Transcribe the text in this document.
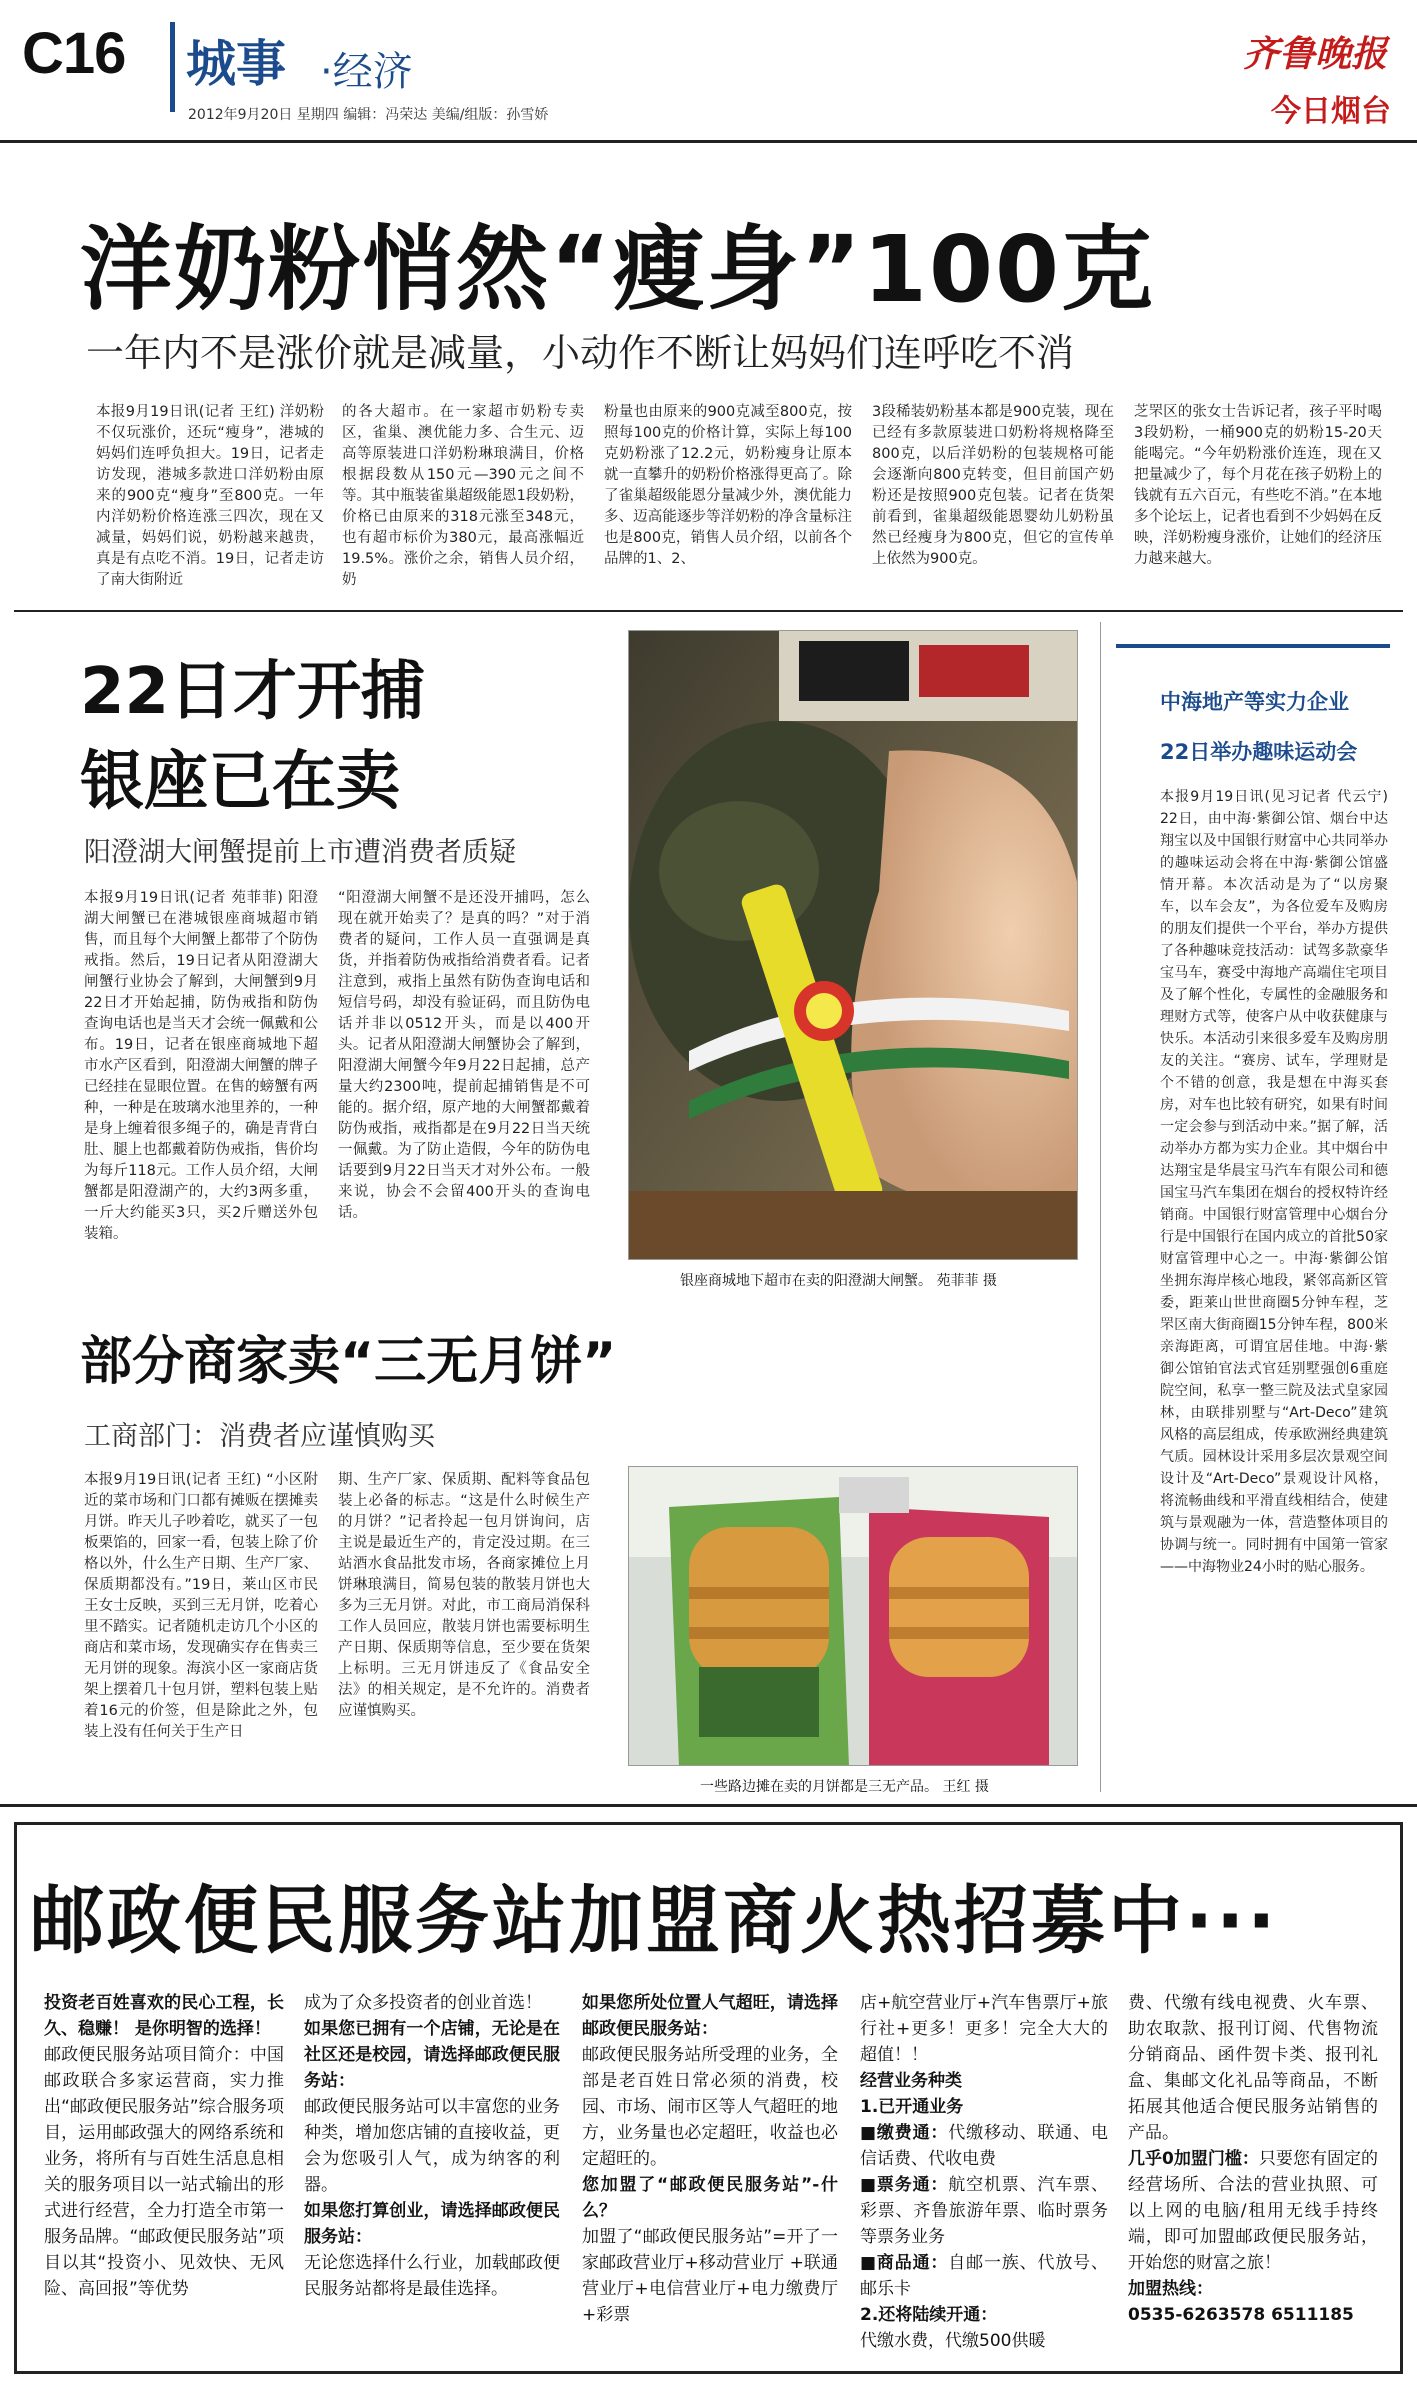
C16 城事 ·经济
2012年9月20日 星期四 编辑：冯荣达 美编/组版：孙雪娇
齐鲁晚报
今日烟台
洋奶粉悄然“瘦身”100克
一年内不是涨价就是减量，小动作不断让妈妈们连呼吃不消
本报9月19日讯(记者 王红) 洋奶粉不仅玩涨价，还玩“瘦身”，港城的妈妈们连呼负担大。19日，记者走访发现，港城多款进口洋奶粉由原来的900克“瘦身”至800克。一年内洋奶粉价格连涨三四次，现在又减量，妈妈们说，奶粉越来越贵，真是有点吃不消。19日，记者走访了南大街附近
的各大超市。在一家超市奶粉专卖区，雀巢、澳优能力多、合生元、迈高等原装进口洋奶粉琳琅满目，价格根据段数从150元—390元之间不等。其中瓶装雀巢超级能恩1段奶粉，价格已由原来的318元涨至348元，也有超市标价为380元，最高涨幅近19.5%。涨价之余，销售人员介绍，奶
粉量也由原来的900克减至800克，按照每100克的价格计算，实际上每100克奶粉涨了12.2元，奶粉瘦身让原本就一直攀升的奶粉价格涨得更高了。除了雀巢超级能恩分量减少外，澳优能力多、迈高能逐步等洋奶粉的净含量标注也是800克，销售人员介绍，以前各个品牌的1、2、
3段稀装奶粉基本都是900克装，现在已经有多款原装进口奶粉将规格降至800克，以后洋奶粉的包装规格可能会逐渐向800克转变，但目前国产奶粉还是按照900克包装。记者在货架前看到，雀巢超级能恩婴幼儿奶粉虽然已经瘦身为800克，但它的宣传单上依然为900克。
芝罘区的张女士告诉记者，孩子平时喝3段奶粉，一桶900克的奶粉15-20天能喝完。“今年奶粉涨价连连，现在又把量减少了，每个月花在孩子奶粉上的钱就有五六百元，有些吃不消。”在本地多个论坛上，记者也看到不少妈妈在反映，洋奶粉瘦身涨价，让她们的经济压力越来越大。
22日才开捕
银座已在卖
阳澄湖大闸蟹提前上市遭消费者质疑
本报9月19日讯(记者 苑菲菲) 阳澄湖大闸蟹已在港城银座商城超市销售，而且每个大闸蟹上都带了个防伪戒指。然后，19日记者从阳澄湖大闸蟹行业协会了解到，大闸蟹到9月22日才开始起捕，防伪戒指和防伪查询电话也是当天才会统一佩戴和公布。19日，记者在银座商城地下超市水产区看到，阳澄湖大闸蟹的牌子已经挂在显眼位置。在售的螃蟹有两种，一种是在玻璃水池里养的，一种是身上缠着很多绳子的，确是青背白肚、腿上也都戴着防伪戒指，售价均为每斤118元。工作人员介绍，大闸蟹都是阳澄湖产的，大约3两多重，一斤大约能买3只，买2斤赠送外包装箱。
“阳澄湖大闸蟹不是还没开捕吗，怎么现在就开始卖了？是真的吗？”对于消费者的疑问，工作人员一直强调是真货，并指着防伪戒指给消费者看。记者注意到，戒指上虽然有防伪查询电话和短信号码，却没有验证码，而且防伪电话并非以0512开头，而是以400开头。记者从阳澄湖大闸蟹协会了解到，阳澄湖大闸蟹今年9月22日起捕，总产量大约2300吨，提前起捕销售是不可能的。据介绍，原产地的大闸蟹都戴着防伪戒指，戒指都是在9月22日当天统一佩戴。为了防止造假，今年的防伪电话要到9月22日当天才对外公布。一般来说，协会不会留400开头的查询电话。
银座商城地下超市在卖的阳澄湖大闸蟹。 苑菲菲 摄
部分商家卖“三无月饼”
工商部门：消费者应谨慎购买
本报9月19日讯(记者 王红) “小区附近的菜市场和门口都有摊贩在摆摊卖月饼。昨天儿子吵着吃，就买了一包板栗馅的，回家一看，包装上除了价格以外，什么生产日期、生产厂家、保质期都没有。”19日，莱山区市民王女士反映，买到三无月饼，吃着心里不踏实。记者随机走访几个小区的商店和菜市场，发现确实存在售卖三无月饼的现象。海滨小区一家商店货架上摆着几十包月饼，塑料包装上贴着16元的价签，但是除此之外，包装上没有任何关于生产日
期、生产厂家、保质期、配料等食品包装上必备的标志。“这是什么时候生产的月饼？”记者拎起一包月饼询问，店主说是最近生产的，肯定没过期。在三站酒水食品批发市场，各商家摊位上月饼琳琅满目，简易包装的散装月饼也大多为三无月饼。对此，市工商局消保科工作人员回应，散装月饼也需要标明生产日期、保质期等信息，至少要在货架上标明。三无月饼违反了《食品安全法》的相关规定，是不允许的。消费者应谨慎购买。
一些路边摊在卖的月饼都是三无产品。 王红 摄
中海地产等实力企业
22日举办趣味运动会
本报9月19日讯(见习记者 代云宁) 22日，由中海·紫御公馆、烟台中达翔宝以及中国银行财富中心共同举办的趣味运动会将在中海·紫御公馆盛情开幕。本次活动是为了“以房聚车，以车会友”，为各位爱车及购房的朋友们提供一个平台，举办方提供了各种趣味竞技活动：试驾多款豪华宝马车，赛受中海地产高端住宅项目及了解个性化，专属性的金融服务和理财方式等，使客户从中收获健康与快乐。本活动引来很多爱车及购房朋友的关注。“赛房、试车，学理财是个不错的创意，我是想在中海买套房，对车也比较有研究，如果有时间一定会参与到活动中来。”据了解，活动举办方都为实力企业。其中烟台中达翔宝是华晨宝马汽车有限公司和德国宝马汽车集团在烟台的授权特许经销商。中国银行财富管理中心烟台分行是中国银行在国内成立的首批50家财富管理中心之一。中海·紫御公馆坐拥东海岸核心地段，紧邻高新区管委，距莱山世世商圈5分钟车程，芝罘区南大街商圈15分钟车程，800米亲海距离，可谓宜居佳地。中海·紫御公馆铂官法式官廷别墅强创6重庭院空间，私享一整三院及法式皇家园林，由联排别墅与“Art-Deco”建筑风格的高层组成，传承欧洲经典建筑气质。园林设计采用多层次景观空间设计及“Art-Deco”景观设计风格，将流畅曲线和平滑直线相结合，使建筑与景观融为一体，营造整体项目的协调与统一。同时拥有中国第一管家——中海物业24小时的贴心服务。
邮政便民服务站加盟商火热招募中···
投资老百姓喜欢的民心工程，长久、稳赚！ 是你明智的选择！
邮政便民服务站项目简介：中国邮政联合多家运营商，实力推出“邮政便民服务站”综合服务项目，运用邮政强大的网络系统和业务，将所有与百姓生活息息相关的服务项目以一站式输出的形式进行经营，全力打造全市第一服务品牌。“邮政便民服务站”项目以其“投资小、见效快、无风险、高回报”等优势
成为了众多投资者的创业首选！
如果您已拥有一个店铺，无论是在社区还是校园，请选择邮政便民服务站：
邮政便民服务站可以丰富您的业务种类，增加您店铺的直接收益，更会为您吸引人气，成为纳客的利器。
如果您打算创业，请选择邮政便民服务站：
无论您选择什么行业，加载邮政便民服务站都将是最佳选择。
如果您所处位置人气超旺，请选择邮政便民服务站：
邮政便民服务站所受理的业务，全部是老百姓日常必须的消费，校园、市场、闹市区等人气超旺的地方，业务量也必定超旺，收益也必定超旺的。
您加盟了“邮政便民服务站”-什么？
加盟了“邮政便民服务站”=开了一家邮政营业厅+移动营业厅 +联通营业厅+电信营业厅+电力缴费厅+彩票
店+航空营业厅+汽车售票厅+旅行社+更多！更多！完全大大的超值！！
经营业务种类
1.已开通业务
■缴费通：代缴移动、联通、电信话费、代收电费
■票务通：航空机票、汽车票、彩票、齐鲁旅游年票、临时票务等票务业务
■商品通：自邮一族、代放号、邮乐卡
2.还将陆续开通：
代缴水费，代缴500供暖
费、代缴有线电视费、火车票、助农取款、报刊订阅、代售物流分销商品、函件贺卡类、报刊礼盒、集邮文化礼品等商品，不断拓展其他适合便民服务站销售的产品。
几乎0加盟门槛：只要您有固定的经营场所、合法的营业执照、可以上网的电脑/租用无线手持终端，即可加盟邮政便民服务站，开始您的财富之旅！
加盟热线：
0535-6263578 6511185
